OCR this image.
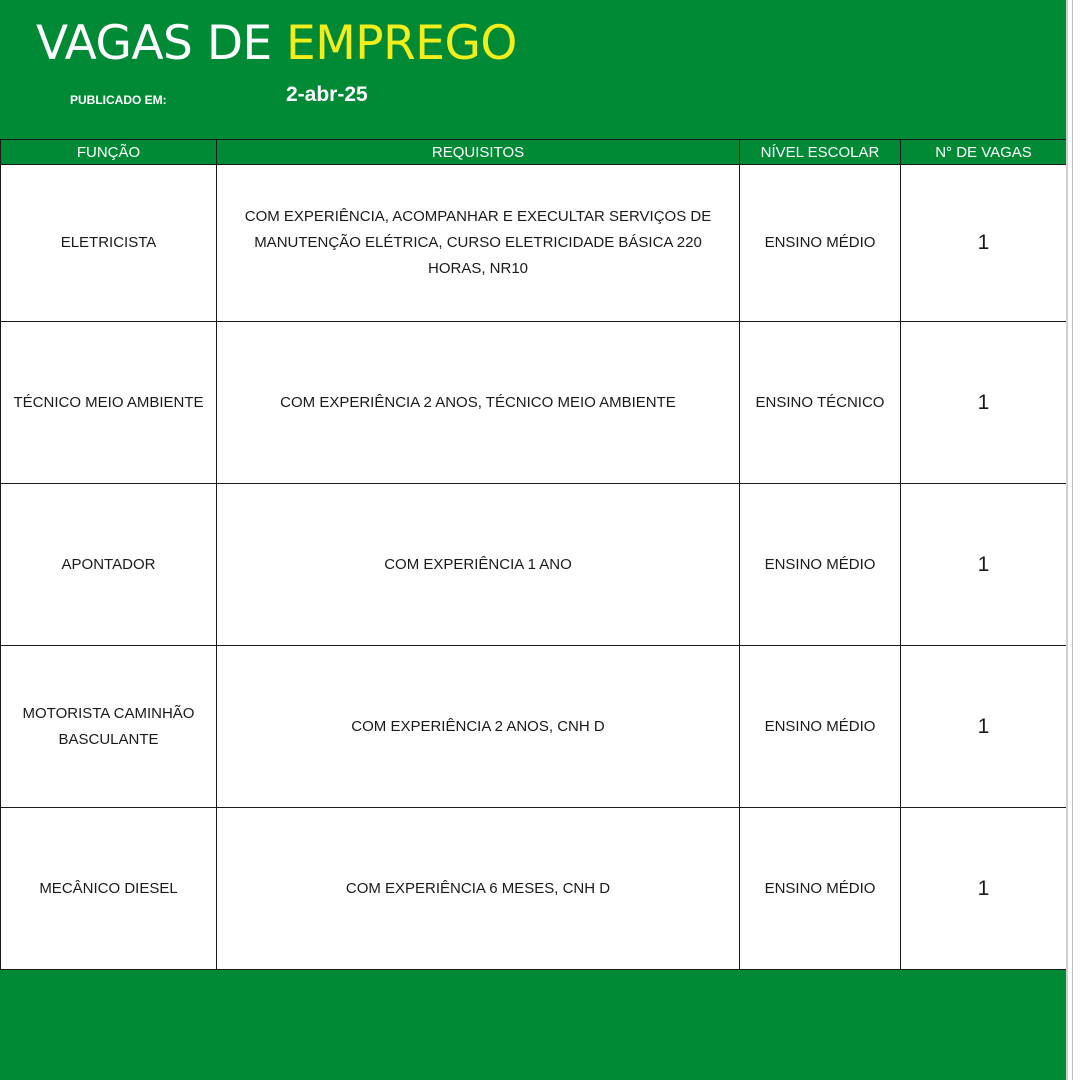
VAGAS DE EMPREGO
PUBLICADO EM:	2-abr-25
FUNÇÃO	REQUISITOS	NÍVEL ESCOLAR	N° DE VAGAS
ELETRICISTA	COM EXPERIÊNCIA, ACOMPANHAR E EXECULTAR SERVIÇOS DE MANUTENÇÃO ELÉTRICA, CURSO ELETRICIDADE BÁSICA 220 HORAS, NR10	ENSINO MÉDIO	1
TÉCNICO MEIO AMBIENTE	COM EXPERIÊNCIA 2 ANOS, TÉCNICO MEIO AMBIENTE	ENSINO TÉCNICO	1
APONTADOR	COM EXPERIÊNCIA 1 ANO	ENSINO MÉDIO	1
MOTORISTA CAMINHÃO BASCULANTE	COM EXPERIÊNCIA 2 ANOS, CNH D	ENSINO MÉDIO	1
MECÂNICO DIESEL	COM EXPERIÊNCIA 6 MESES, CNH D	ENSINO MÉDIO	1
